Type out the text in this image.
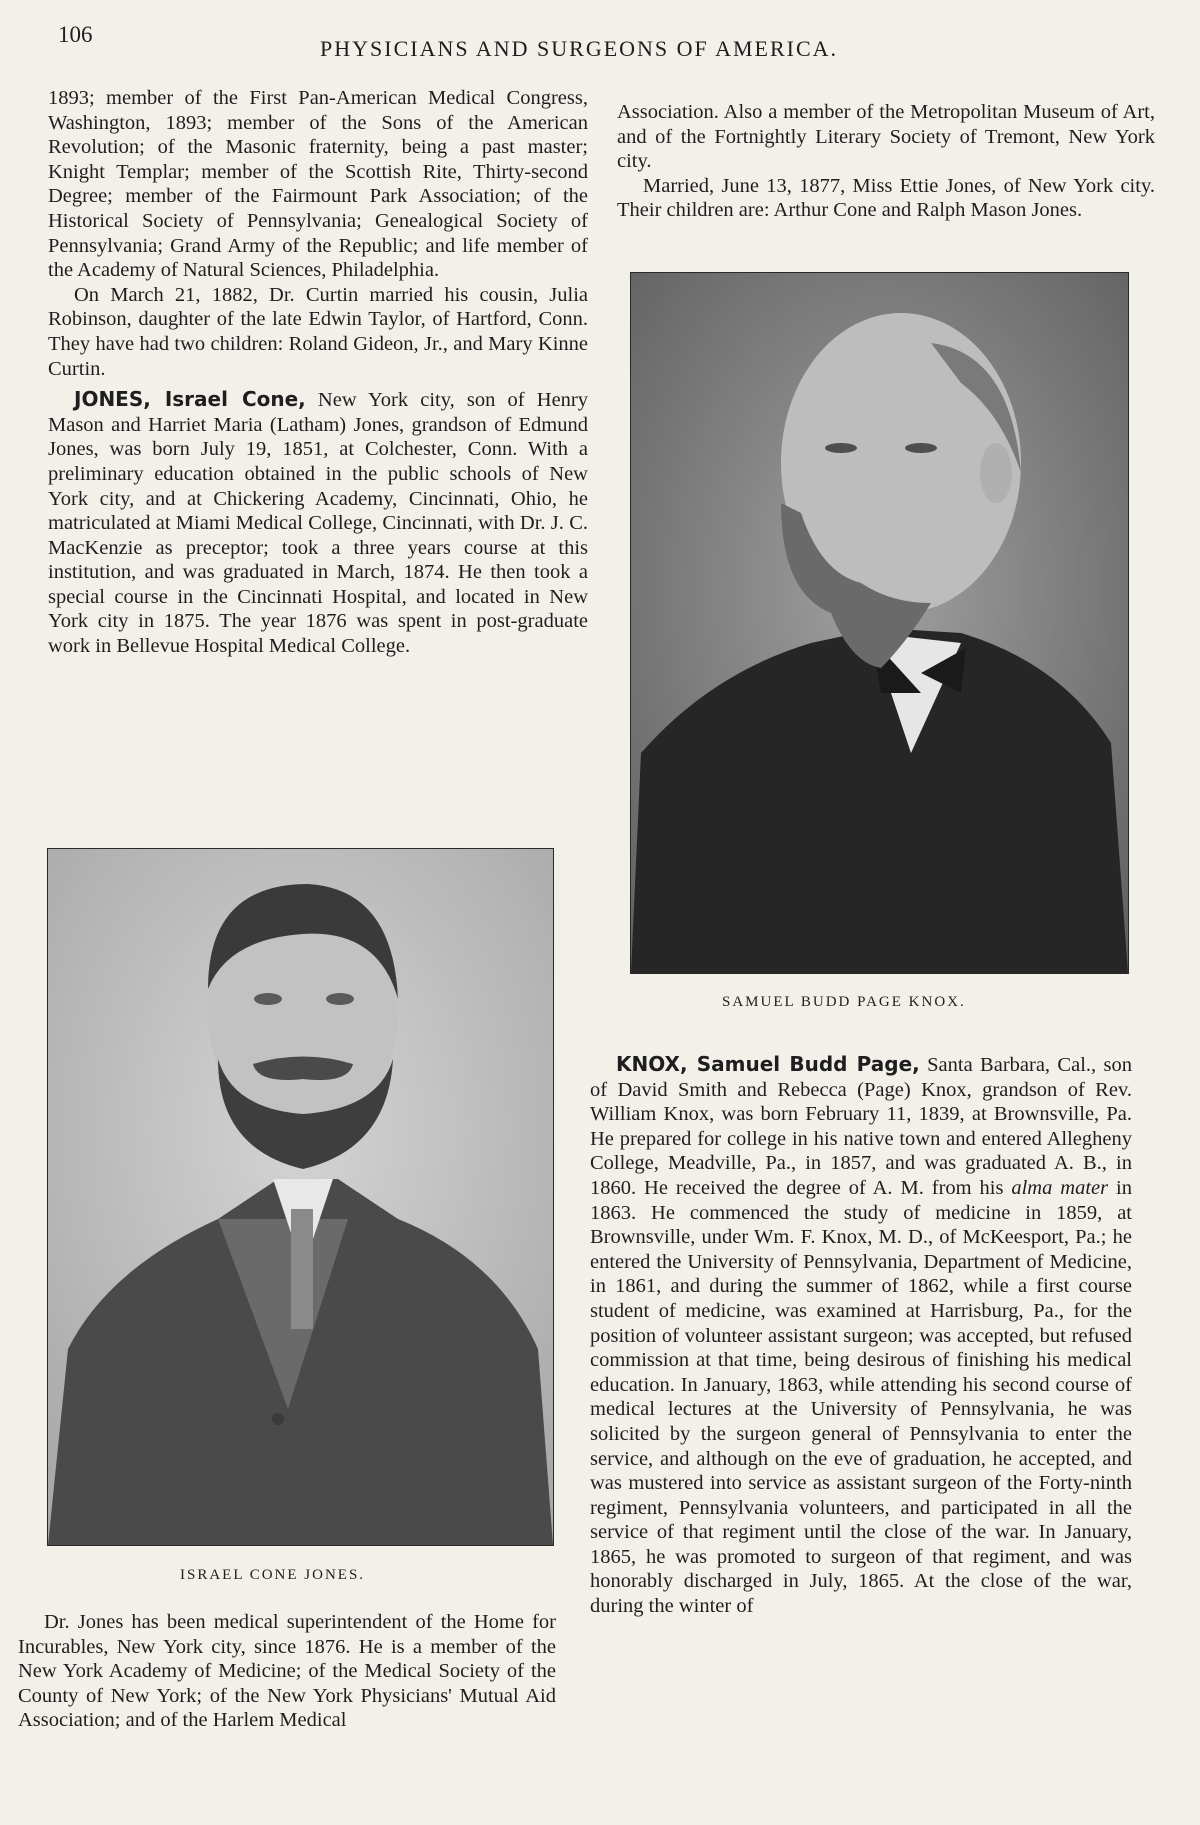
106
PHYSICIANS AND SURGEONS OF AMERICA.

1893; member of the First Pan-American Medical Congress, Washington, 1893; member of the Sons of the American Revolution; of the Masonic fraternity, being a past master; Knight Templar; member of the Scottish Rite, Thirty-second Degree; member of the Fairmount Park Association; of the Historical Society of Pennsylvania; Genealogical Society of Pennsylvania; Grand Army of the Republic; and life member of the Academy of Natural Sciences, Philadelphia.

On March 21, 1882, Dr. Curtin married his cousin, Julia Robinson, daughter of the late Edwin Taylor, of Hartford, Conn. They have had two children: Roland Gideon, Jr., and Mary Kinne Curtin.

JONES, Israel Cone, New York city, son of Henry Mason and Harriet Maria (Latham) Jones, grandson of Edmund Jones, was born July 19, 1851, at Colchester, Conn. With a preliminary education obtained in the public schools of New York city, and at Chickering Academy, Cincinnati, Ohio, he matriculated at Miami Medical College, Cincinnati, with Dr. J. C. MacKenzie as preceptor; took a three years course at this institution, and was graduated in March, 1874. He then took a special course in the Cincinnati Hospital, and located in New York city in 1875. The year 1876 was spent in post-graduate work in Bellevue Hospital Medical College.

ISRAEL CONE JONES.

Dr. Jones has been medical superintendent of the Home for Incurables, New York city, since 1876. He is a member of the New York Academy of Medicine; of the Medical Society of the County of New York; of the New York Physicians' Mutual Aid Association; and of the Harlem Medical

Association. Also a member of the Metropolitan Museum of Art, and of the Fortnightly Literary Society of Tremont, New York city.

Married, June 13, 1877, Miss Ettie Jones, of New York city. Their children are: Arthur Cone and Ralph Mason Jones.

SAMUEL BUDD PAGE KNOX.

KNOX, Samuel Budd Page, Santa Barbara, Cal., son of David Smith and Rebecca (Page) Knox, grandson of Rev. William Knox, was born February 11, 1839, at Brownsville, Pa. He prepared for college in his native town and entered Allegheny College, Meadville, Pa., in 1857, and was graduated A. B., in 1860. He received the degree of A. M. from his alma mater in 1863. He commenced the study of medicine in 1859, at Brownsville, under Wm. F. Knox, M. D., of McKeesport, Pa.; he entered the University of Pennsylvania, Department of Medicine, in 1861, and during the summer of 1862, while a first course student of medicine, was examined at Harrisburg, Pa., for the position of volunteer assistant surgeon; was accepted, but refused commission at that time, being desirous of finishing his medical education. In January, 1863, while attending his second course of medical lectures at the University of Pennsylvania, he was solicited by the surgeon general of Pennsylvania to enter the service, and although on the eve of graduation, he accepted, and was mustered into service as assistant surgeon of the Forty-ninth regiment, Pennsylvania volunteers, and participated in all the service of that regiment until the close of the war. In January, 1865, he was promoted to surgeon of that regiment, and was honorably discharged in July, 1865. At the close of the war, during the winter of
